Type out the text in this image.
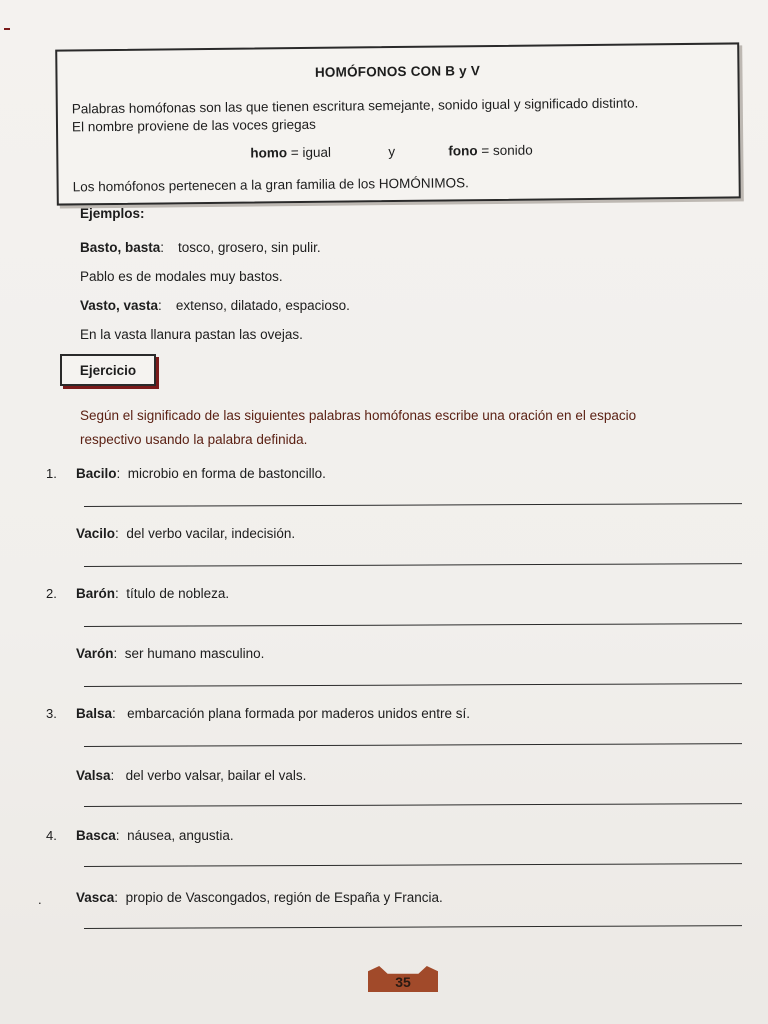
HOMÓFONOS CON B y V
Palabras homófonas son las que tienen escritura semejante, sonido igual y significado distinto.
El nombre proviene de las voces griegas
homo = igual	y	fono = sonido
Los homófonos pertenecen a la gran familia de los HOMÓNIMOS.
Ejemplos:
Basto, basta: tosco, grosero, sin pulir.
Pablo es de modales muy bastos.
Vasto, vasta: extenso, dilatado, espacioso.
En la vasta llanura pastan las ovejas.
Ejercicio
Según el significado de las siguientes palabras homófonas escribe una oración en el espacio
respectivo usando la palabra definida.
1. Bacilo: microbio en forma de bastoncillo.
Vacilo: del verbo vacilar, indecisión.
2. Barón: título de nobleza.
Varón: ser humano masculino.
3. Balsa: embarcación plana formada por maderos unidos entre sí.
Valsa: del verbo valsar, bailar el vals.
4. Basca: náusea, angustia.
.	Vasca: propio de Vascongados, región de España y Francia.
35
